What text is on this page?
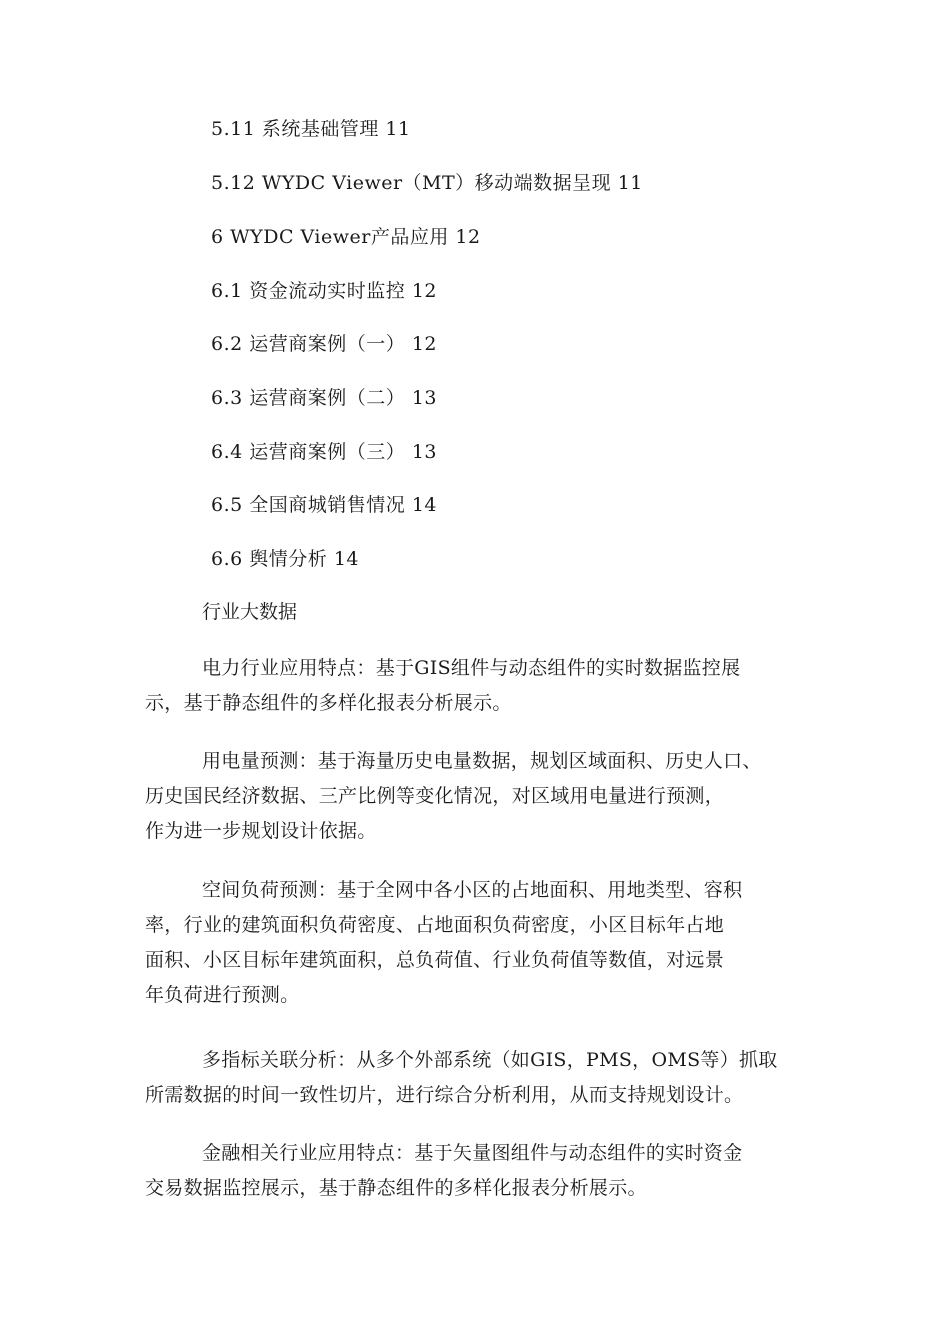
5.11 系统基础管理 11
5.12 WYDC Viewer（MT）移动端数据呈现 11
6 WYDC Viewer产品应用 12
6.1 资金流动实时监控 12
6.2 运营商案例（一） 12
6.3 运营商案例（二） 13
6.4 运营商案例（三） 13
6.5 全国商城销售情况 14
6.6 舆情分析 14
行业大数据

电力行业应用特点：基于GIS组件与动态组件的实时数据监控展
示，基于静态组件的多样化报表分析展示。

用电量预测：基于海量历史电量数据，规划区域面积、历史人口、
历史国民经济数据、三产比例等变化情况，对区域用电量进行预测，
作为进一步规划设计依据。

空间负荷预测：基于全网中各小区的占地面积、用地类型、容积
率，行业的建筑面积负荷密度、占地面积负荷密度，小区目标年占地
面积、小区目标年建筑面积，总负荷值、行业负荷值等数值，对远景
年负荷进行预测。

多指标关联分析：从多个外部系统（如GIS，PMS，OMS等）抓取
所需数据的时间一致性切片，进行综合分析利用，从而支持规划设计。

金融相关行业应用特点：基于矢量图组件与动态组件的实时资金
交易数据监控展示，基于静态组件的多样化报表分析展示。
